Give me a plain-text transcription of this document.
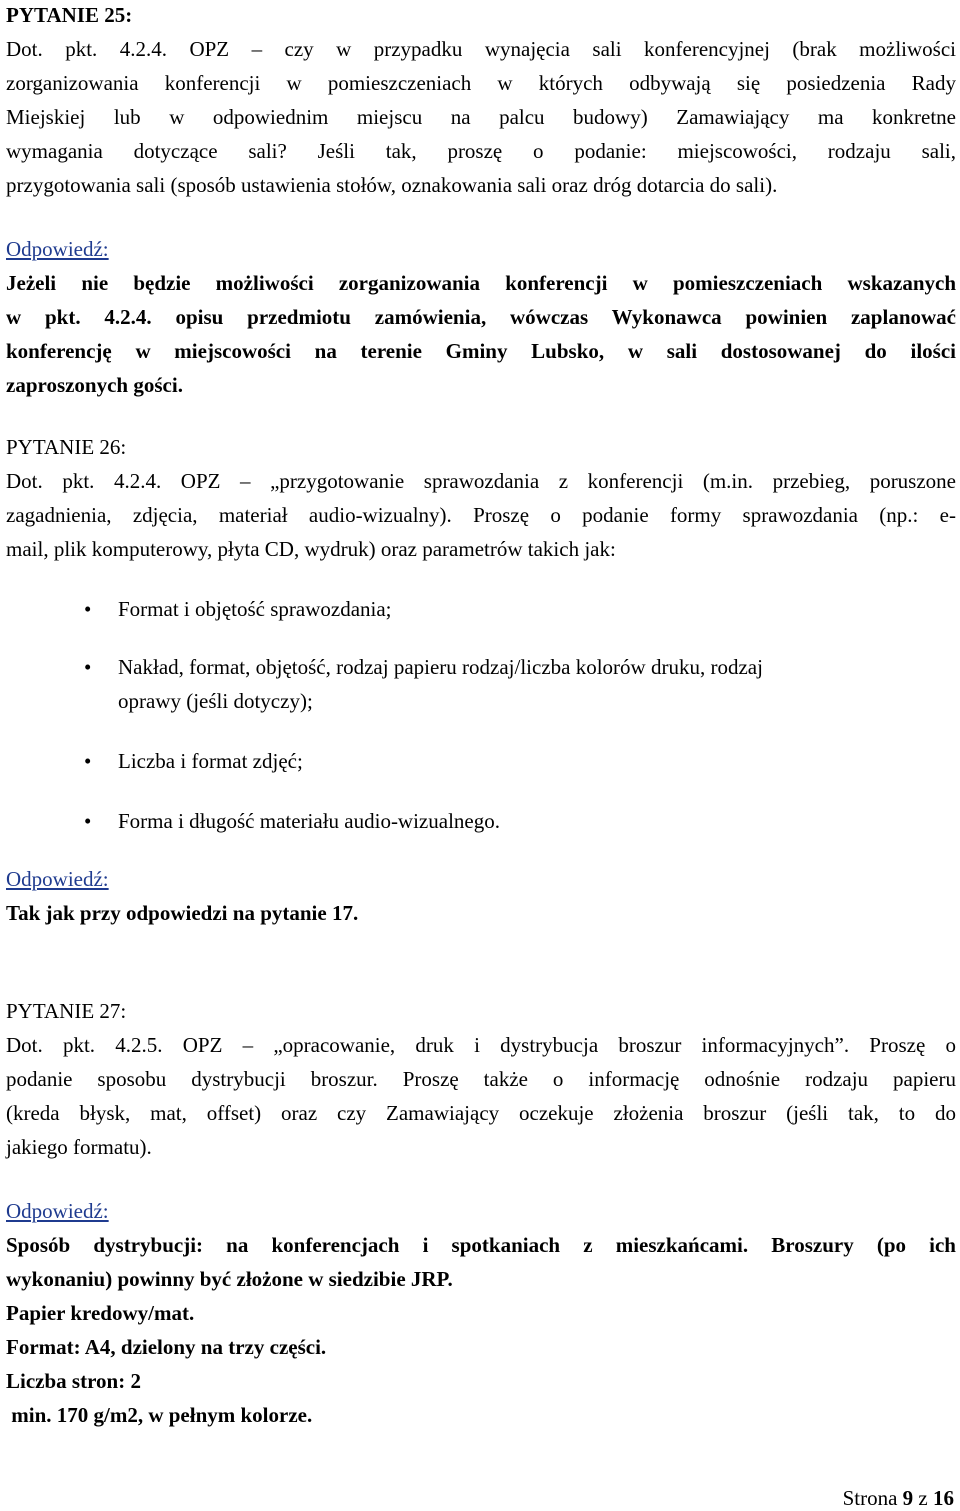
PYTANIE 25:
Dot. pkt. 4.2.4. OPZ – czy w przypadku wynajęcia sali konferencyjnej (brak możliwości
zorganizowania konferencji w pomieszczeniach w których odbywają się posiedzenia Rady
Miejskiej lub w odpowiednim miejscu na palcu budowy) Zamawiający ma konkretne
wymagania dotyczące sali? Jeśli tak, proszę o podanie: miejscowości, rodzaju sali,
przygotowania sali (sposób ustawienia stołów, oznakowania sali oraz dróg dotarcia do sali).
Odpowiedź:
Jeżeli nie będzie możliwości zorganizowania konferencji w pomieszczeniach wskazanych
w pkt. 4.2.4. opisu przedmiotu zamówienia, wówczas Wykonawca powinien zaplanować
konferencję w miejscowości na terenie Gminy Lubsko, w sali dostosowanej do ilości
zaproszonych gości.
PYTANIE 26:
Dot. pkt. 4.2.4. OPZ – „przygotowanie sprawozdania z konferencji (m.in. przebieg, poruszone
zagadnienia, zdjęcia, materiał audio-wizualny). Proszę o podanie formy sprawozdania (np.: e-
mail, plik komputerowy, płyta CD, wydruk) oraz parametrów takich jak:
• Format i objętość sprawozdania;
• Nakład, format, objętość, rodzaj papieru rodzaj/liczba kolorów druku, rodzaj
oprawy (jeśli dotyczy);
• Liczba i format zdjęć;
• Forma i długość materiału audio-wizualnego.
Odpowiedź:
Tak jak przy odpowiedzi na pytanie 17.
PYTANIE 27:
Dot. pkt. 4.2.5. OPZ – „opracowanie, druk i dystrybucja broszur informacyjnych”. Proszę o
podanie sposobu dystrybucji broszur. Proszę także o informację odnośnie rodzaju papieru
(kreda błysk, mat, offset) oraz czy Zamawiający oczekuje złożenia broszur (jeśli tak, to do
jakiego formatu).
Odpowiedź:
Sposób dystrybucji: na konferencjach i spotkaniach z mieszkańcami. Broszury (po ich
wykonaniu) powinny być złożone w siedzibie JRP.
Papier kredowy/mat.
Format: A4, dzielony na trzy części.
Liczba stron: 2
min. 170 g/m2, w pełnym kolorze.
Strona 9 z 16
